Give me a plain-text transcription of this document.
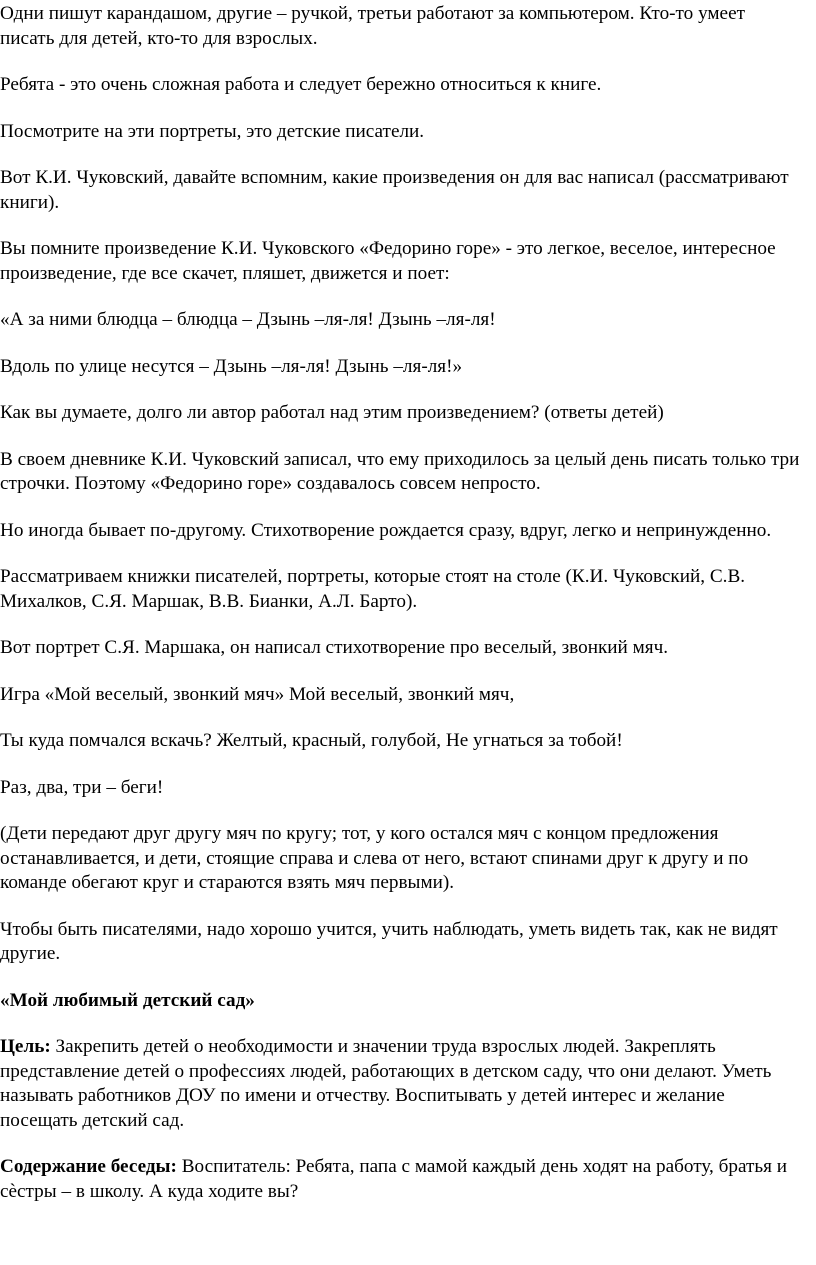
Одни пишут карандашом, другие – ручкой, третьи работают за компьютером. Кто-то умеет писать для детей, кто-то для взрослых.

Ребята - это очень сложная работа и следует бережно относиться к книге.

Посмотрите на эти портреты, это детские писатели.

Вот К.И. Чуковский, давайте вспомним, какие произведения он для вас написал (рассматривают книги).

Вы помните произведение К.И. Чуковского «Федорино горе» - это легкое, веселое, интересное произведение, где все скачет, пляшет, движется и поет:

«А за ними блюдца – блюдца – Дзынь –ля-ля! Дзынь –ля-ля!

Вдоль по улице несутся – Дзынь –ля-ля! Дзынь –ля-ля!»

Как вы думаете, долго ли автор работал над этим произведением? (ответы детей)

В своем дневнике К.И. Чуковский записал, что ему приходилось за целый день писать только три строчки. Поэтому «Федорино горе» создавалось совсем непросто.

Но иногда бывает по-другому. Стихотворение рождается сразу, вдруг, легко и непринужденно.

Рассматриваем книжки писателей, портреты, которые стоят на столе (К.И. Чуковский, С.В. Михалков, С.Я. Маршак, В.В. Бианки, А.Л. Барто).

Вот портрет С.Я. Маршака, он написал стихотворение про веселый, звонкий мяч.

Игра «Мой веселый, звонкий мяч» Мой веселый, звонкий мяч,

Ты куда помчался вскачь? Желтый, красный, голубой, Не угнаться за тобой!

Раз, два, три – беги!

(Дети передают друг другу мяч по кругу; тот, у кого остался мяч с концом предложения останавливается, и дети, стоящие справа и слева от него, встают спинами друг к другу и по команде обегают круг и стараются взять мяч первыми).

Чтобы быть писателями, надо хорошо учится, учить наблюдать, уметь видеть так, как не видят другие.

«Мой любимый детский сад»

Цель: Закрепить детей о необходимости и значении труда взрослых людей. Закреплять представление детей о профессиях людей, работающих в детском саду, что они делают. Уметь называть работников ДОУ по имени и отчеству. Воспитывать у детей интерес и желание посещать детский сад.

Содержание беседы: Воспитатель: Ребята, папа с мамой каждый день ходят на работу, братья и сѐстры – в школу. А куда ходите вы?
